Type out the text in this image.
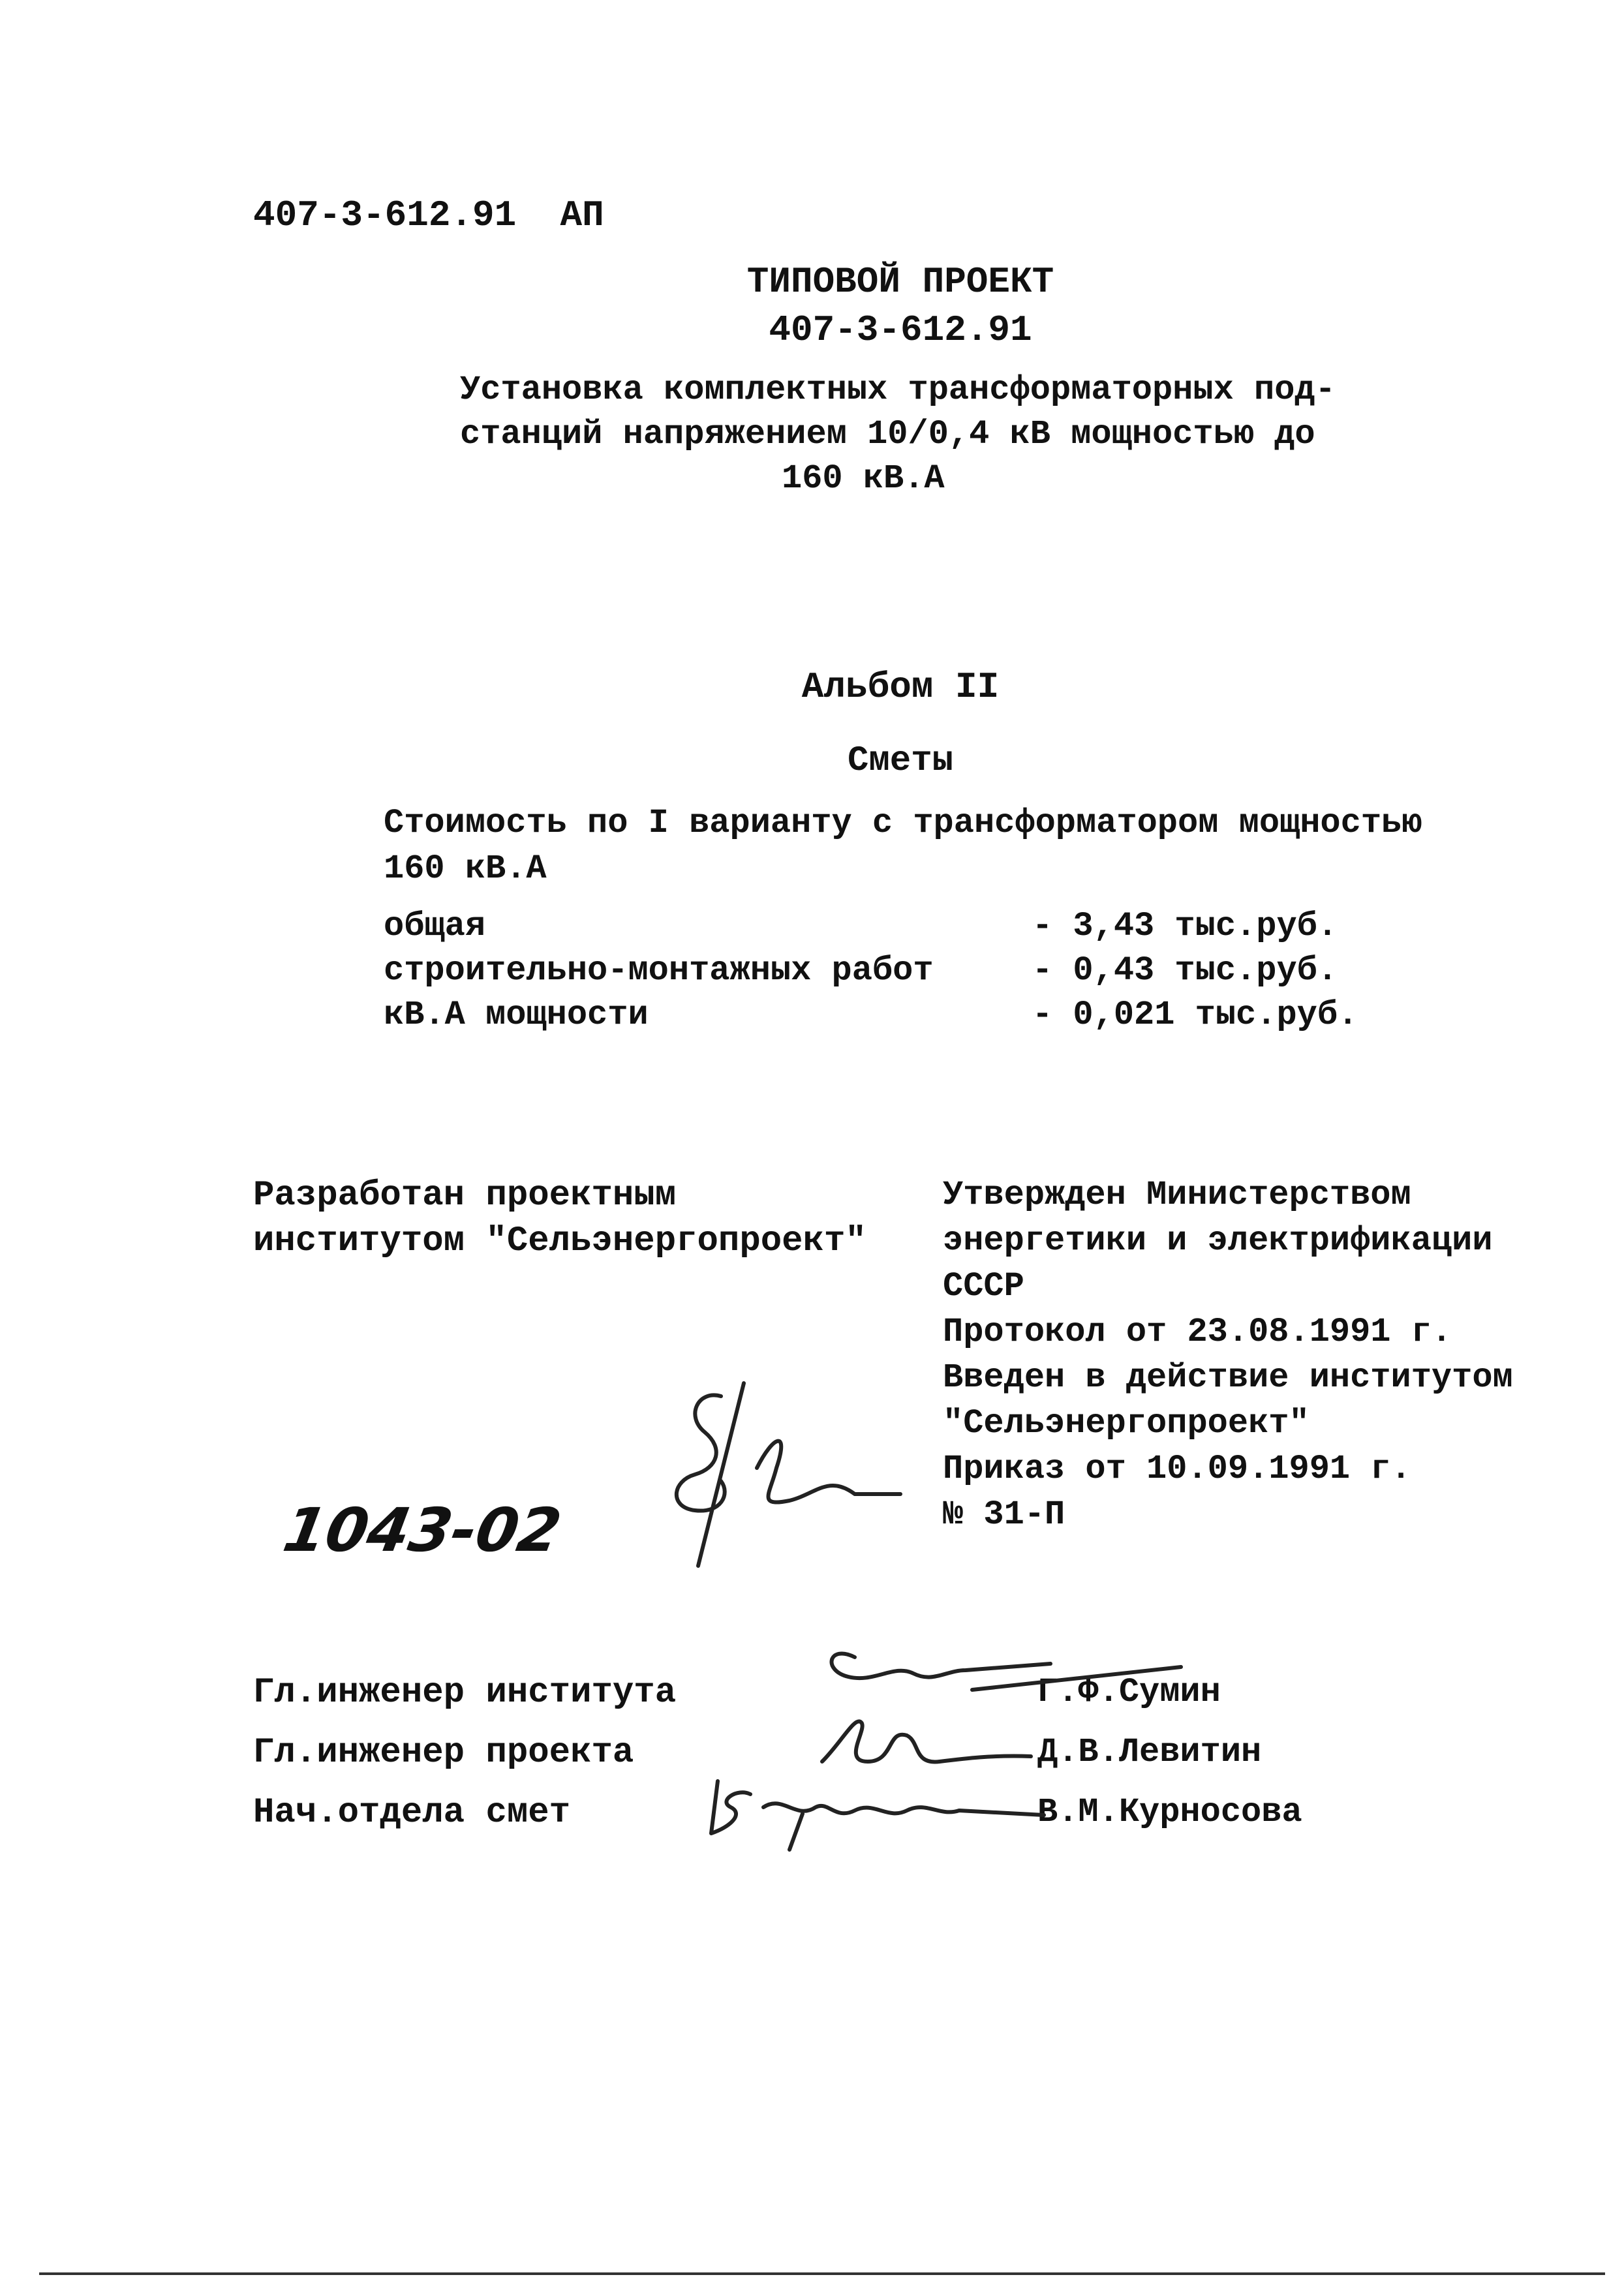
407-3-612.91  АП
ТИПОВОЙ ПРОЕКТ
407-3-612.91
Установка комплектных трансформаторных под-
станций напряжением 10/0,4 кВ мощностью до
160 кВ.А
Альбом II
Сметы
Стоимость по I варианту с трансформатором мощностью
160 кВ.А
общая	- 3,43 тыс.руб.
строительно-монтажных работ	- 0,43 тыс.руб.
кВ.А мощности	- 0,021 тыс.руб.
Разработан проектным
институтом "Сельэнергопроект"
Утвержден Министерством
энергетики и электрификации
СССР
Протокол от 23.08.1991 г.
Введен в действие институтом
"Сельэнергопроект"
Приказ от 10.09.1991 г.
№ 31-П
1043-02
Гл.инженер института	Г.Ф.Сумин
Гл.инженер проекта	Д.В.Левитин
Нач.отдела смет	В.М.Курносова
